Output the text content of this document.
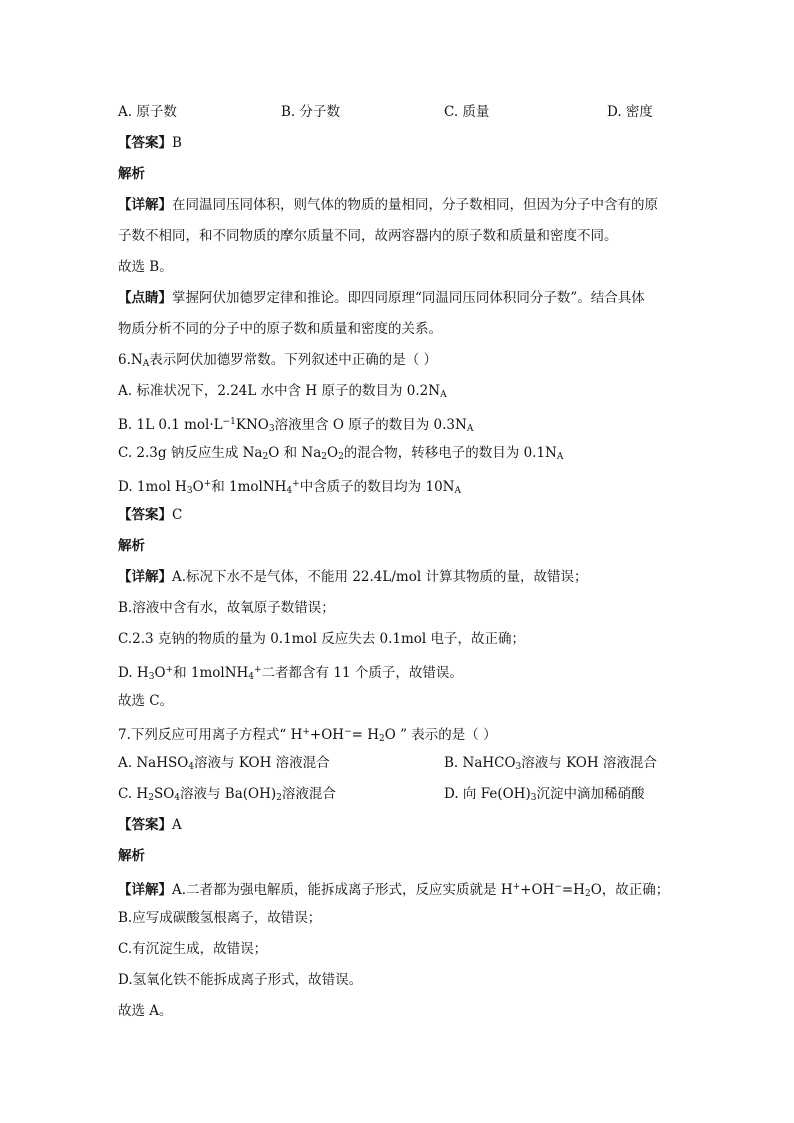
A. 原子数	B. 分子数	C. 质量	D. 密度
【答案】B
解析
【详解】在同温同压同体积，则气体的物质的量相同，分子数相同，但因为分子中含有的原
子数不相同，和不同物质的摩尔质量不同，故两容器内的原子数和质量和密度不同。
故选 B。
【点睛】掌握阿伏加德罗定律和推论。即四同原理“同温同压同体积同分子数”。结合具体
物质分析不同的分子中的原子数和质量和密度的关系。
$6.N_A$表示阿伏加德罗常数。下列叙述中正确的是（ ）
A. 标准状况下，2.24L 水中含 H 原子的数目为 $0.2N_A$
B. 1L 0.1 $mol\cdot L^{-1}KNO_3$溶液里含 O 原子的数目为 $0.3N_A$
C. 2.3g 钠反应生成 $Na_2O$ 和 $Na_2O_2$的混合物，转移电子的数目为 $0.1N_A$
D. 1mol $H_3O^+$和 1molNH$_4$+中含质子的数目均为 $10N_A$
【答案】C
解析
【详解】A.标况下水不是气体，不能用 22.4L/mol 计算其物质的量，故错误；
B.溶液中含有水，故氧原子数错误；
C.2.3 克钠的物质的量为 0.1mol 反应失去 0.1mol 电子，故正确；
D. $H_3O^+$和 1molNH$_4$+二者都含有 11 个质子，故错误。
故选 C。
7.下列反应可用离子方程式“ $H^++OH^-= H_2O$ ” 表示的是（ ）
A. NaHSO$_4$溶液与 KOH 溶液混合	B. NaHCO$_3$溶液与 KOH 溶液混合
C. $H_2SO_4$溶液与 $Ba(OH)_2$溶液混合	D. 向 $Fe(OH)_3$沉淀中滴加稀硝酸
【答案】A
解析
【详解】A.二者都为强电解质，能拆成离子形式，反应实质就是 $H^++OH^-=H_2O$，故正确；
B.应写成碳酸氢根离子，故错误；
C.有沉淀生成，故错误；
D.氢氧化铁不能拆成离子形式，故错误。
故选 A。
